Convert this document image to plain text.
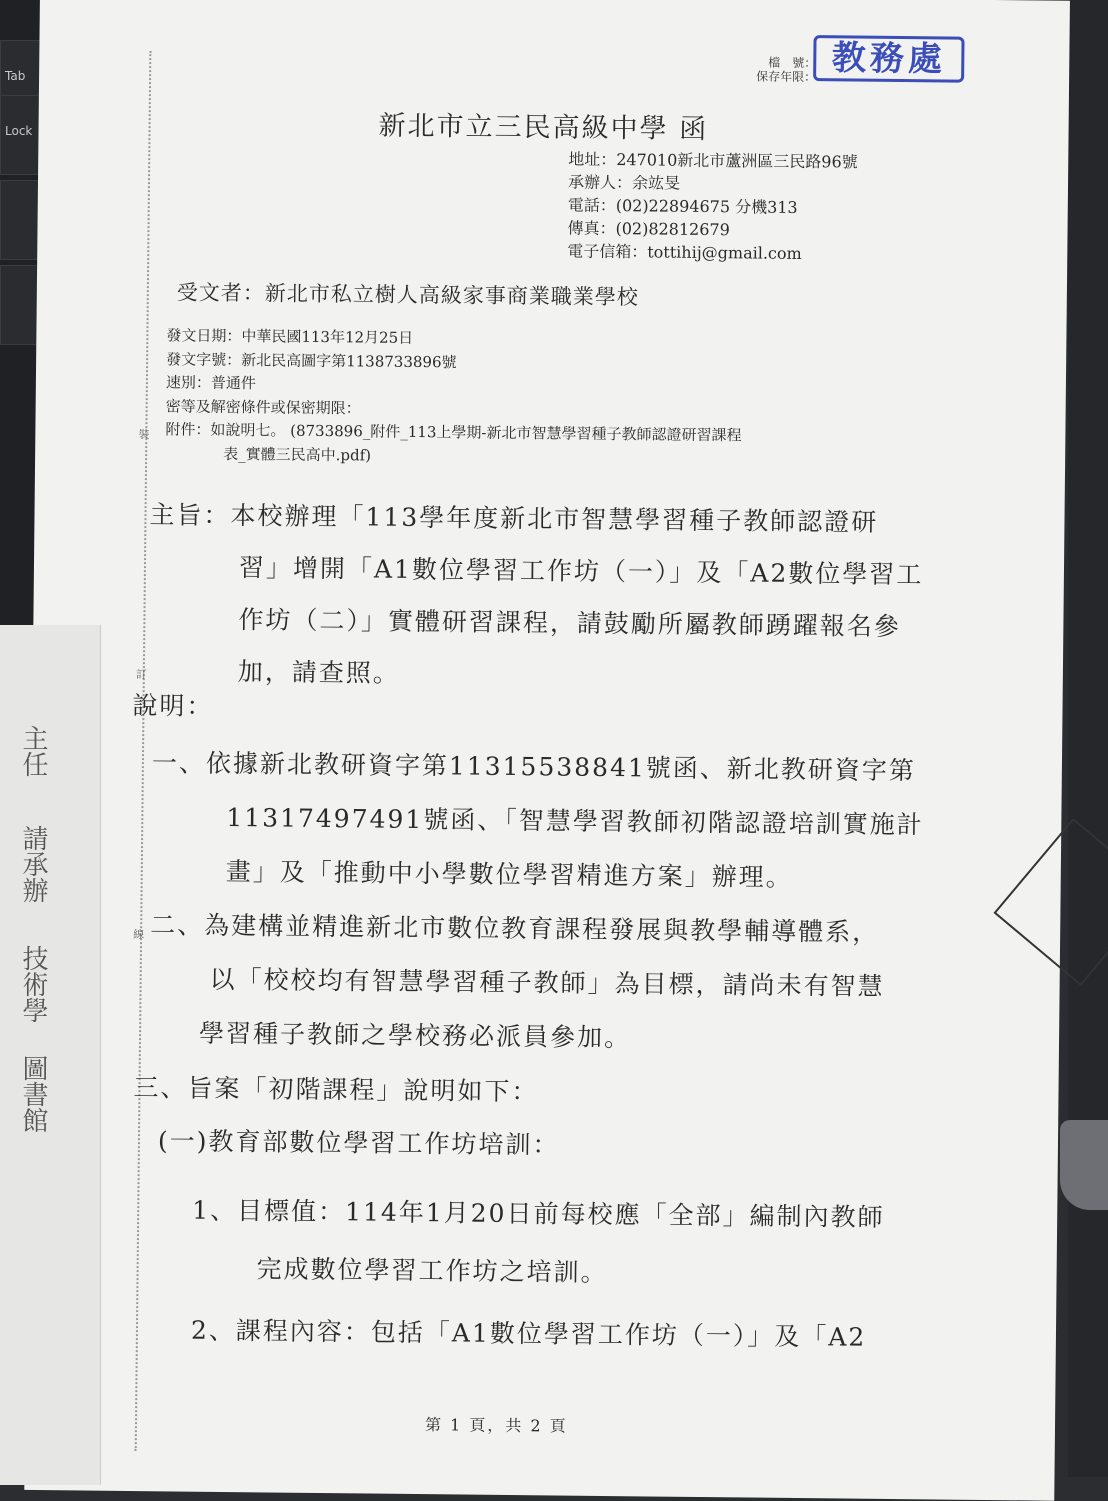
Tab
Lock
裝
訂
線
檔　號：
保存年限： 教務處
新北市立三民高級中學 函
地址：247010新北市蘆洲區三民路96號
承辦人：余竑旻
電話：(02)22894675 分機313
傳真：(02)82812679
電子信箱：tottihij@gmail.com
受文者：新北市私立樹人高級家事商業職業學校
發文日期：中華民國113年12月25日
發文字號：新北民高圖字第1138733896號
速別：普通件
密等及解密條件或保密期限：
附件：如說明七。 (8733896_附件_113上學期-新北市智慧學習種子教師認證研習課程
表_實體三民高中.pdf)
主旨：本校辦理「113學年度新北市智慧學習種子教師認證研
習」增開「A1數位學習工作坊（一）」及「A2數位學習工
作坊（二）」實體研習課程，請鼓勵所屬教師踴躍報名參
加，請查照。
說明：
一、依據新北教研資字第11315538841號函、新北教研資字第
11317497491號函、「智慧學習教師初階認證培訓實施計
畫」及「推動中小學數位學習精進方案」辦理。
二、為建構並精進新北市數位教育課程發展與教學輔導體系，
以「校校均有智慧學習種子教師」為目標，請尚未有智慧
學習種子教師之學校務必派員參加。
三、旨案「初階課程」說明如下：
(一)教育部數位學習工作坊培訓：
1、目標值：114年1月20日前每校應「全部」編制內教師
完成數位學習工作坊之培訓。
2、課程內容：包括「A1數位學習工作坊（一）」及「A2
第 1 頁，共 2 頁
主任
請承辦
技術學
圖書館
